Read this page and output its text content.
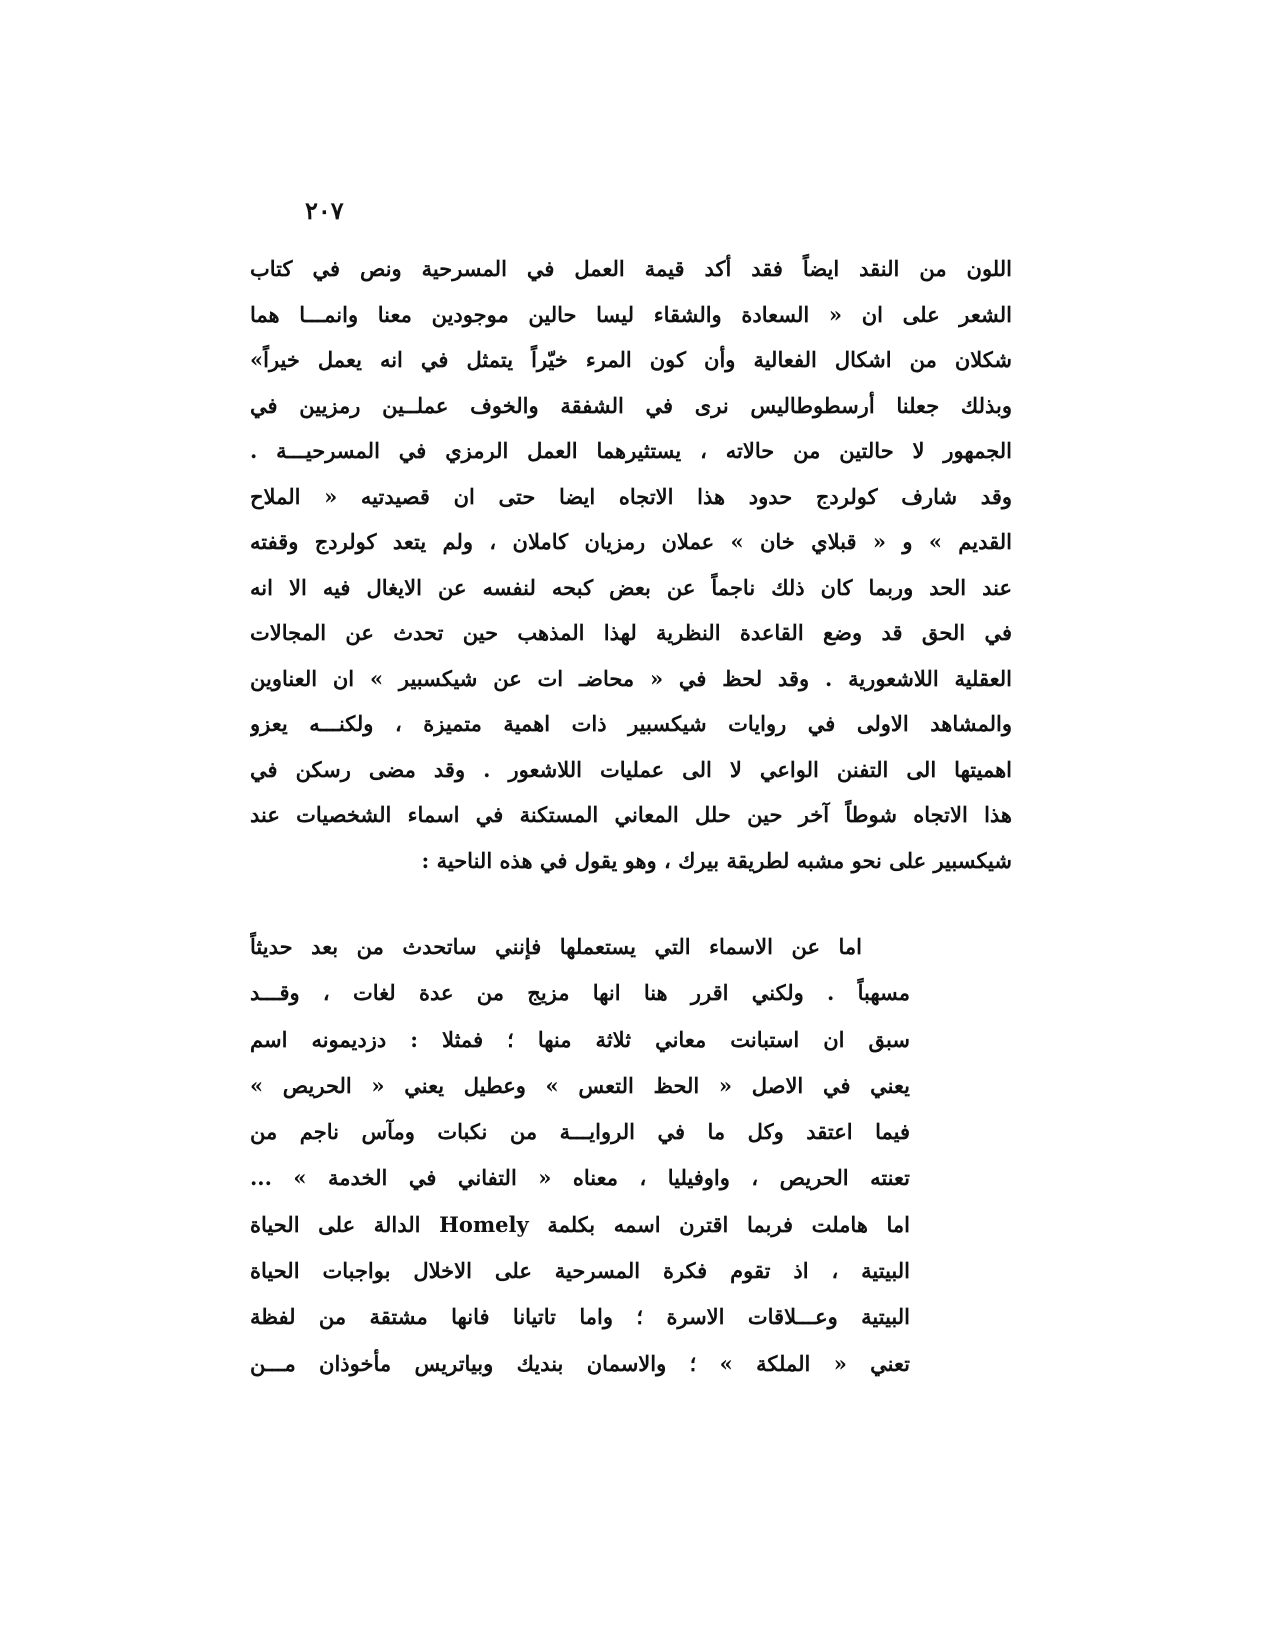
٢٠٧
اللون من النقد ايضاً فقد أكد قيمة العمل في المسرحية ونص في كتاب
الشعر على ان « السعادة والشقاء ليسا حالين موجودين معنا وانمـــا هما
شكلان من اشكال الفعالية وأن كون المرء خيّراً يتمثل في انه يعمل خيراً»
وبذلك جعلنا أرسطوطاليس نرى في الشفقة والخوف عملــين رمزيين في
الجمهور لا حالتين من حالاته ، يستثيرهما العمل الرمزي في المسرحيـــة .
وقد شارف كولردج حدود هذا الاتجاه ايضا حتى ان قصيدتيه « الملاح
القديم » و « قبلاي خان » عملان رمزيان كاملان ، ولم يتعد كولردج وقفته
عند الحد وربما كان ذلك ناجماً عن بعض كبحه لنفسه عن الايغال فيه الا انه
في الحق قد وضع القاعدة النظرية لهذا المذهب حين تحدث عن المجالات
العقلية اللاشعورية . وقد لحظ في « محاضـ ات عن شيكسبير » ان العناوين
والمشاهد الاولى في روايات شيكسبير ذات اهمية متميزة ، ولكنـــه يعزو
اهميتها الى التفنن الواعي لا الى عمليات اللاشعور . وقد مضى رسكن في
هذا الاتجاه شوطاً آخر حين حلل المعاني المستكنة في اسماء الشخصيات عند
شيكسبير على نحو مشبه لطريقة بيرك ، وهو يقول في هذه الناحية :
اما عن الاسماء التي يستعملها فإنني ساتحدث من بعد حديثاً
مسهباً . ولكني اقرر هنا انها مزيج من عدة لغات ، وقـــد
سبق ان استبانت معاني ثلاثة منها ؛ فمثلا : دزديمونه اسم
يعني في الاصل « الحظ التعس » وعطيل يعني « الحريص »
فيما اعتقد وكل ما في الروايـــة من نكبات ومآس ناجم من
تعنته الحريص ، واوفيليا ، معناه « التفاني في الخدمة » ...
اما هاملت فربما اقترن اسمه بكلمة Homely الدالة على الحياة
البيتية ، اذ تقوم فكرة المسرحية على الاخلال بواجبات الحياة
البيتية وعـــلاقات الاسرة ؛ واما تاتيانا فانها مشتقة من لفظة
تعني « الملكة » ؛ والاسمان بنديك وبياتريس مأخوذان مـــن
